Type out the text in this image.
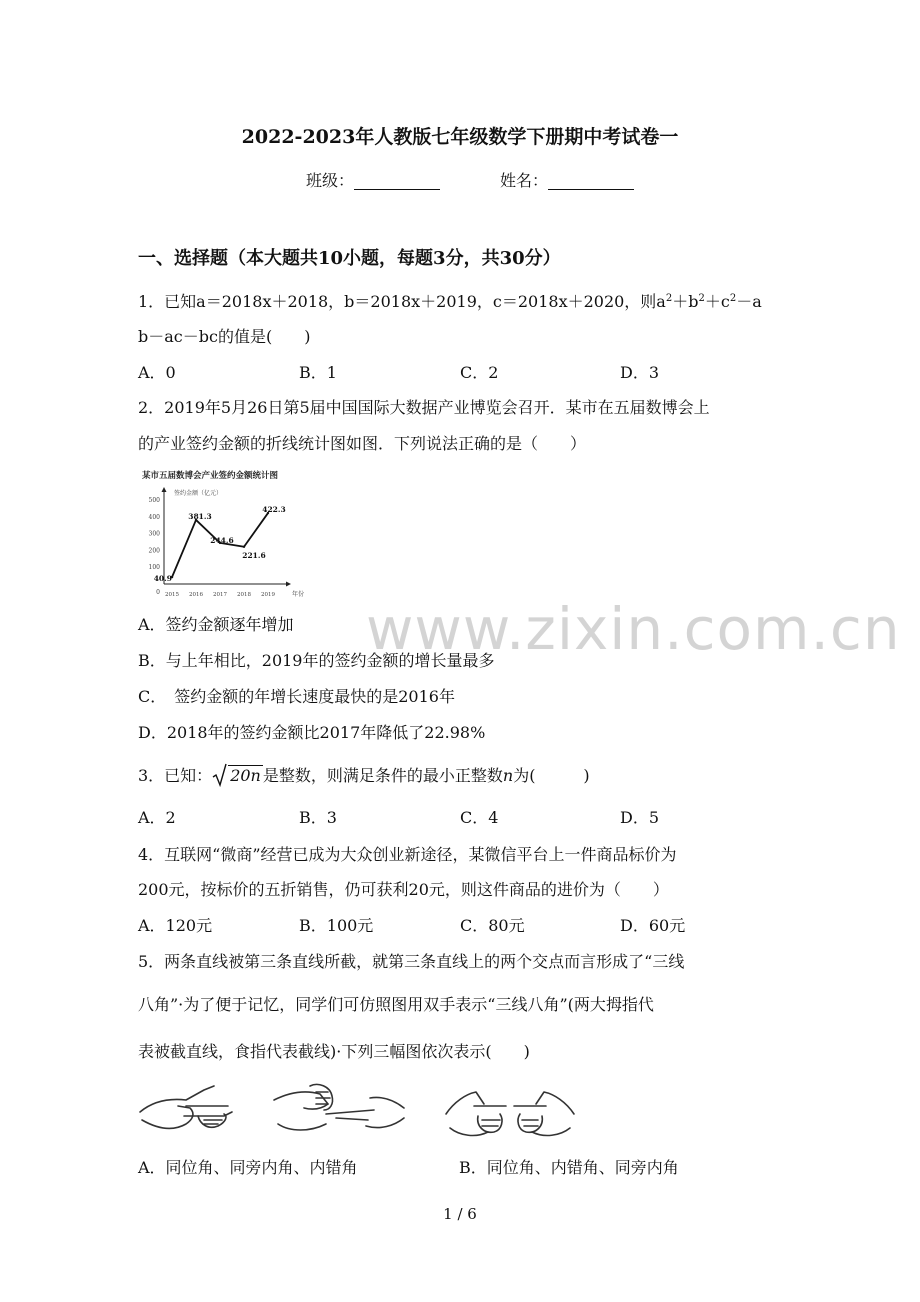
2022-2023年人教版七年级数学下册期中考试卷一
班级：	姓名：
一、选择题（本大题共10小题，每题3分，共30分）
1．已知a＝2018x＋2018，b＝2018x＋2019，c＝2018x＋2020，则$a^2+b^2+c^2-a$
b－ac－bc的值是(　　)
A．0	B．1	C．2	D．3
2．2019年5月26日第5届中国国际大数据产业博览会召开．某市在五届数博会上
的产业签约金额的折线统计图如图．下列说法正确的是（　　）
某市五届数博会产业签约金额统计图
签约金额（亿元）
年份
0
100
200
300
400
500
2015 2016 2017 2018 2019
40.9
381.3
244.6
221.6
422.3
A．签约金额逐年增加
B．与上年相比，2019年的签约金额的增长量最多
C．　签约金额的年增长速度最快的是2016年
D．2018年的签约金额比2017年降低了22.98%
3．已知： 20n 是整数，则满足条件的最小正整数n为(　　　)
A．2	B．3	C．4	D．5
4．互联网“微商”经营已成为大众创业新途径，某微信平台上一件商品标价为
200元，按标价的五折销售，仍可获利20元，则这件商品的进价为（　　）
A．120元	B．100元	C．80元	D．60元
5．两条直线被第三条直线所截，就第三条直线上的两个交点而言形成了“三线
八角”·为了便于记忆，同学们可仿照图用双手表示“三线八角”(两大拇指代
表被截直线，食指代表截线)·下列三幅图依次表示(　　)
A．同位角、同旁内角、内错角	B．同位角、内错角、同旁内角
www.zixin.com.cn
1 / 6
